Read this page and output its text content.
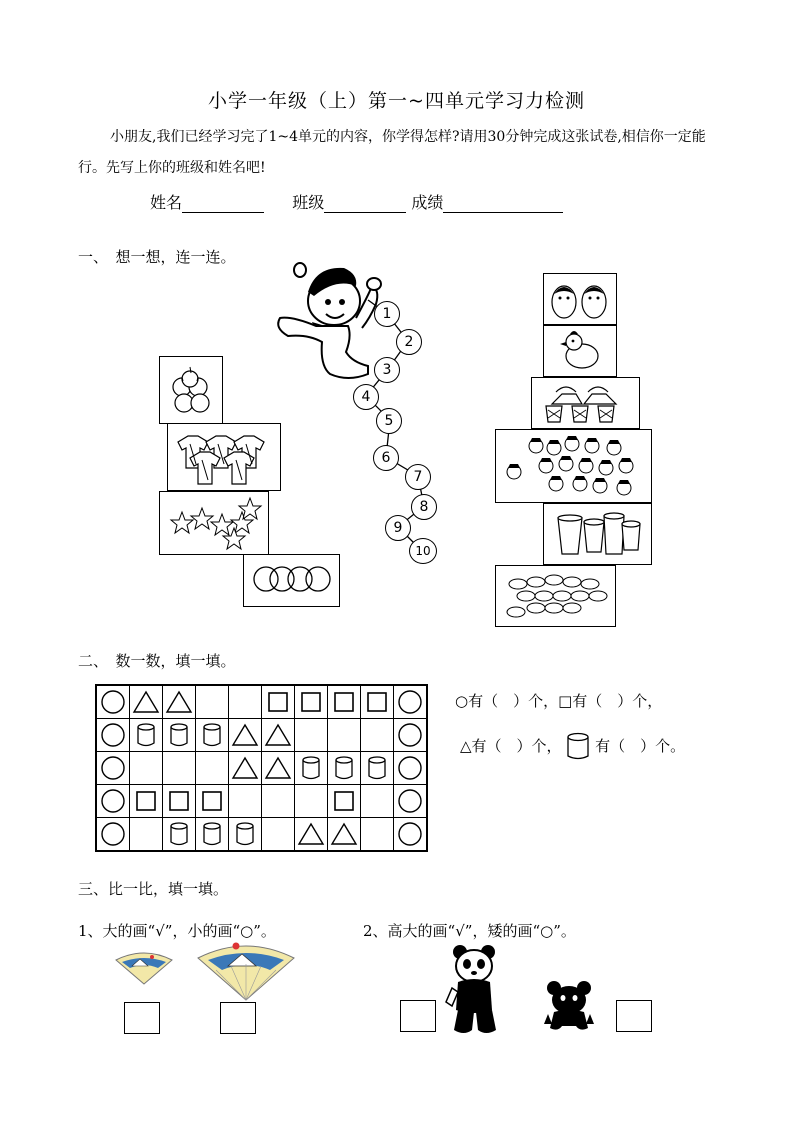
小学一年级（上）第一~四单元学习力检测
小朋友,我们已经学习完了1~4单元的内容，你学得怎样?请用30分钟完成这张试卷,相信你一定能行。先写上你的班级和姓名吧!
姓名	班级	成绩
一、　想一想，连一连。
1
2
3
4
5
6
7
8
9
10
二、　数一数，填一填。

○有（　）个，□有（　）个，
△有（　）个， 有（　）个。
三、比一比，填一填。
1、大的画“√”，小的画“○”。	2、高大的画“√”，矮的画“○”。
